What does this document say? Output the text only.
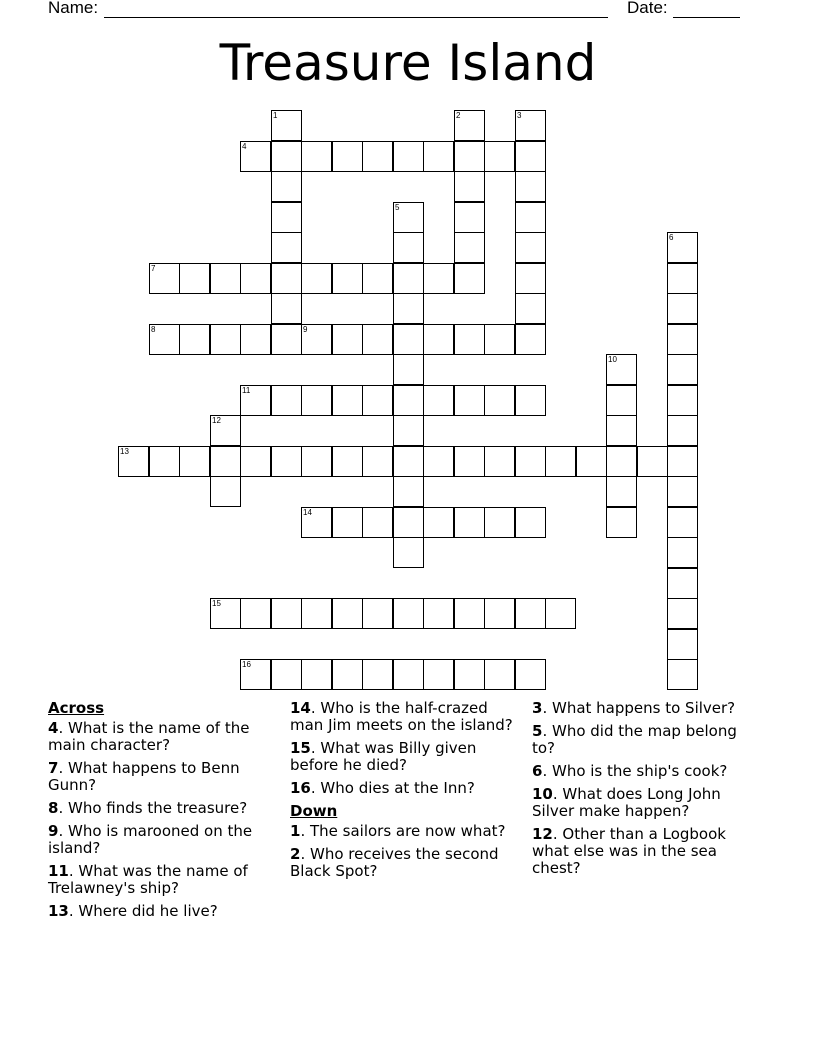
Name:	Date:
Treasure Island
1	2	3
4
5
6
7
8	9
10
11
12
13
14
15
16
Across
4. What is the name of the main character?
7. What happens to Benn Gunn?
8. Who finds the treasure?
9. Who is marooned on the island?
11. What was the name of Trelawney's ship?
13. Where did he live?
14. Who is the half-crazed man Jim meets on the island?
15. What was Billy given before he died?
16. Who dies at the Inn?
Down
1. The sailors are now what?
2. Who receives the second Black Spot?
3. What happens to Silver?
5. Who did the map belong to?
6. Who is the ship's cook?
10. What does Long John Silver make happen?
12. Other than a Logbook what else was in the sea chest?
